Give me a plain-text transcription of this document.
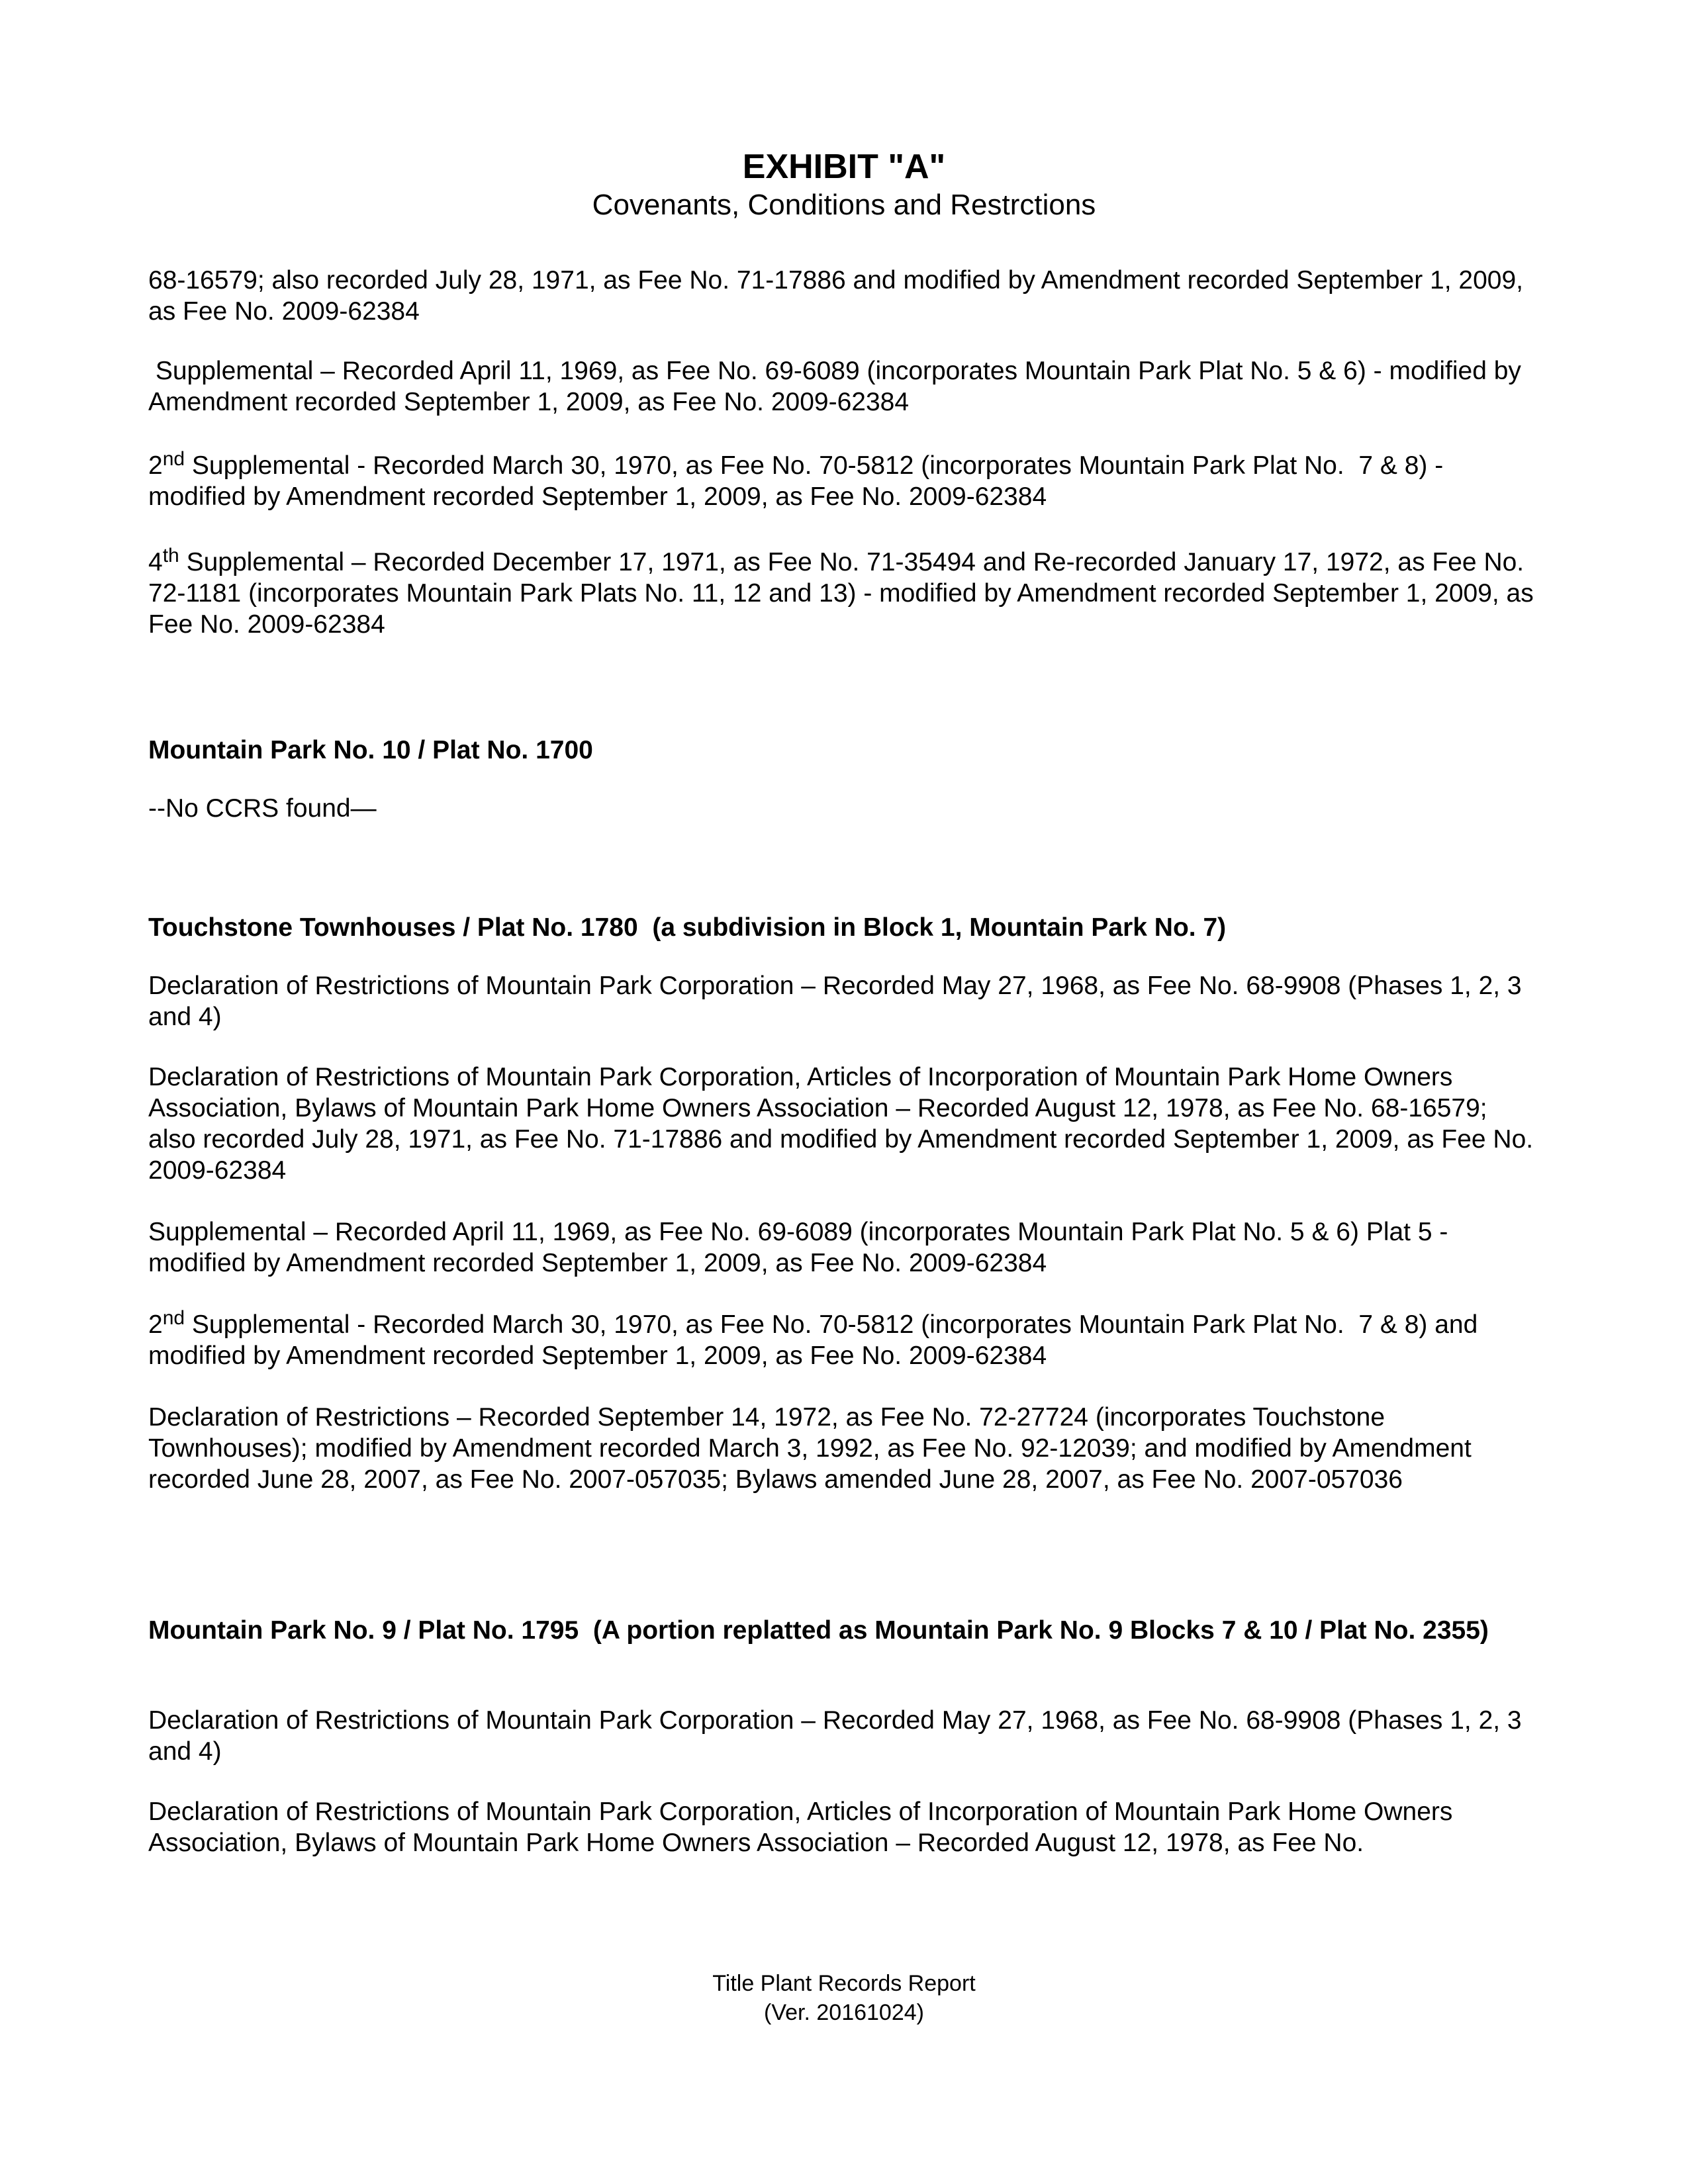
EXHIBIT "A"
Covenants, Conditions and Restrctions

68-16579; also recorded July 28, 1971, as Fee No. 71-17886 and modified by Amendment recorded September 1, 2009, as Fee No. 2009-62384

Supplemental – Recorded April 11, 1969, as Fee No. 69-6089 (incorporates Mountain Park Plat No. 5 & 6) - modified by Amendment recorded September 1, 2009, as Fee No. 2009-62384

2nd Supplemental - Recorded March 30, 1970, as Fee No. 70-5812 (incorporates Mountain Park Plat No.  7 & 8) - modified by Amendment recorded September 1, 2009, as Fee No. 2009-62384

4th Supplemental – Recorded December 17, 1971, as Fee No. 71-35494 and Re-recorded January 17, 1972, as Fee No. 72-1181 (incorporates Mountain Park Plats No. 11, 12 and 13) - modified by Amendment recorded September 1, 2009, as Fee No. 2009-62384

Mountain Park No. 10 / Plat No. 1700

--No CCRS found—

Touchstone Townhouses / Plat No. 1780  (a subdivision in Block 1, Mountain Park No. 7)

Declaration of Restrictions of Mountain Park Corporation – Recorded May 27, 1968, as Fee No. 68-9908 (Phases 1, 2, 3 and 4)

Declaration of Restrictions of Mountain Park Corporation, Articles of Incorporation of Mountain Park Home Owners Association, Bylaws of Mountain Park Home Owners Association – Recorded August 12, 1978, as Fee No. 68-16579; also recorded July 28, 1971, as Fee No. 71-17886 and modified by Amendment recorded September 1, 2009, as Fee No. 2009-62384

Supplemental – Recorded April 11, 1969, as Fee No. 69-6089 (incorporates Mountain Park Plat No. 5 & 6) Plat 5 - modified by Amendment recorded September 1, 2009, as Fee No. 2009-62384

2nd Supplemental - Recorded March 30, 1970, as Fee No. 70-5812 (incorporates Mountain Park Plat No.  7 & 8) and modified by Amendment recorded September 1, 2009, as Fee No. 2009-62384

Declaration of Restrictions – Recorded September 14, 1972, as Fee No. 72-27724 (incorporates Touchstone Townhouses); modified by Amendment recorded March 3, 1992, as Fee No. 92-12039; and modified by Amendment recorded June 28, 2007, as Fee No. 2007-057035; Bylaws amended June 28, 2007, as Fee No. 2007-057036

Mountain Park No. 9 / Plat No. 1795  (A portion replatted as Mountain Park No. 9 Blocks 7 & 10 / Plat No. 2355)

Declaration of Restrictions of Mountain Park Corporation – Recorded May 27, 1968, as Fee No. 68-9908 (Phases 1, 2, 3 and 4)

Declaration of Restrictions of Mountain Park Corporation, Articles of Incorporation of Mountain Park Home Owners Association, Bylaws of Mountain Park Home Owners Association – Recorded August 12, 1978, as Fee No.

Title Plant Records Report
(Ver. 20161024)
